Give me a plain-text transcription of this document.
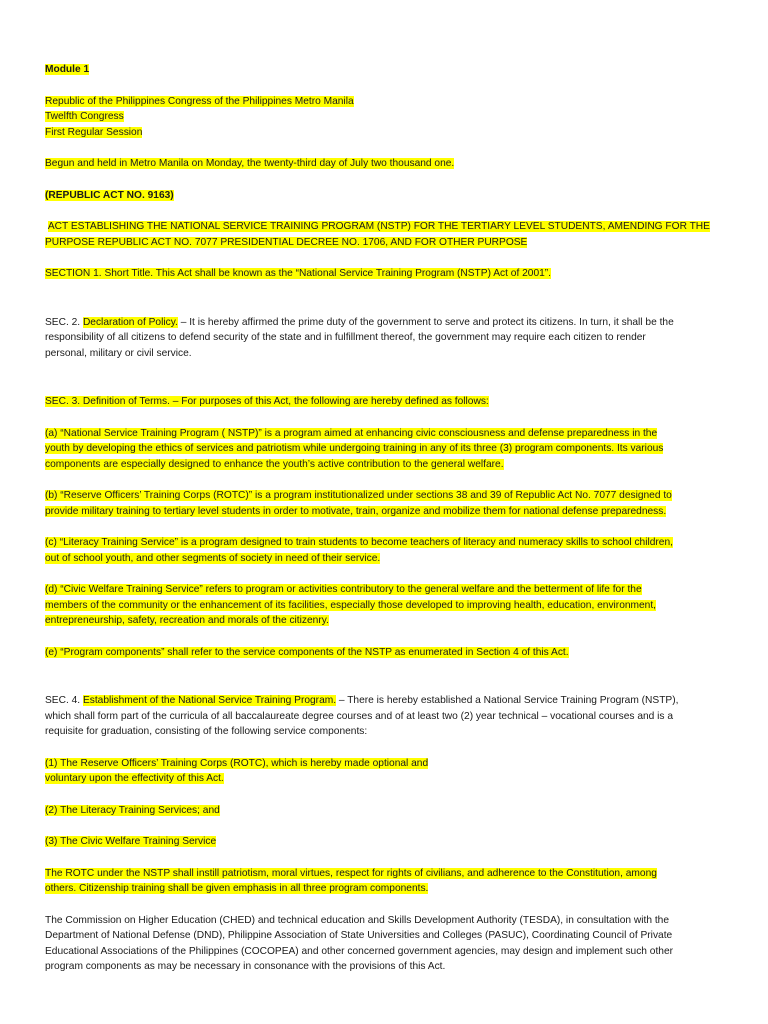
Module 1

Republic of the Philippines Congress of the Philippines Metro Manila

Twelfth Congress

First Regular Session

Begun and held in Metro Manila on Monday, the twenty-third day of July two thousand one.

(REPUBLIC ACT NO. 9163)

ACT ESTABLISHING THE NATIONAL SERVICE TRAINING PROGRAM (NSTP) FOR THE TERTIARY LEVEL STUDENTS, AMENDING FOR THE

PURPOSE REPUBLIC ACT NO. 7077 PRESIDENTIAL DECREE NO. 1706, AND FOR OTHER PURPOSE

SECTION 1. Short Title. This Act shall be known as the “National Service Training Program (NSTP) Act of 2001”.

SEC. 2. Declaration of Policy. – It is hereby affirmed the prime duty of the government to serve and protect its citizens. In turn, it shall be the

responsibility of all citizens to defend security of the state and in fulfillment thereof, the government may require each citizen to render

personal, military or civil service.

SEC. 3. Definition of Terms. – For purposes of this Act, the following are hereby defined as follows:

(a) “National Service Training Program ( NSTP)” is a program aimed at enhancing civic consciousness and defense preparedness in the

youth by developing the ethics of services and patriotism while undergoing training in any of its three (3) program components. Its various

components are especially designed to enhance the youth’s active contribution to the general welfare.

(b) “Reserve Officers’ Training Corps (ROTC)” is a program institutionalized under sections 38 and 39 of Republic Act No. 7077 designed to

provide military training to tertiary level students in order to motivate, train, organize and mobilize them for national defense preparedness.

(c) “Literacy Training Service” is a program designed to train students to become teachers of literacy and numeracy skills to school children,

out of school youth, and other segments of society in need of their service.

(d) “Civic Welfare Training Service” refers to program or activities contributory to the general welfare and the betterment of life for the

members of the community or the enhancement of its facilities, especially those developed to improving health, education, environment,

entrepreneurship, safety, recreation and morals of the citizenry.

(e) “Program components” shall refer to the service components of the NSTP as enumerated in Section 4 of this Act.

SEC. 4. Establishment of the National Service Training Program. – There is hereby established a National Service Training Program (NSTP),

which shall form part of the curricula of all baccalaureate degree courses and of at least two (2) year technical – vocational courses and is a

requisite for graduation, consisting of the following service components:

(1) The Reserve Officers’ Training Corps (ROTC), which is hereby made optional and

voluntary upon the effectivity of this Act.

(2) The Literacy Training Services; and

(3) The Civic Welfare Training Service

The ROTC under the NSTP shall instill patriotism, moral virtues, respect for rights of civilians, and adherence to the Constitution, among

others. Citizenship training shall be given emphasis in all three program components.

The Commission on Higher Education (CHED) and technical education and Skills Development Authority (TESDA), in consultation with the

Department of National Defense (DND), Philippine Association of State Universities and Colleges (PASUC), Coordinating Council of Private

Educational Associations of the Philippines (COCOPEA) and other concerned government agencies, may design and implement such other

program components as may be necessary in consonance with the provisions of this Act.
